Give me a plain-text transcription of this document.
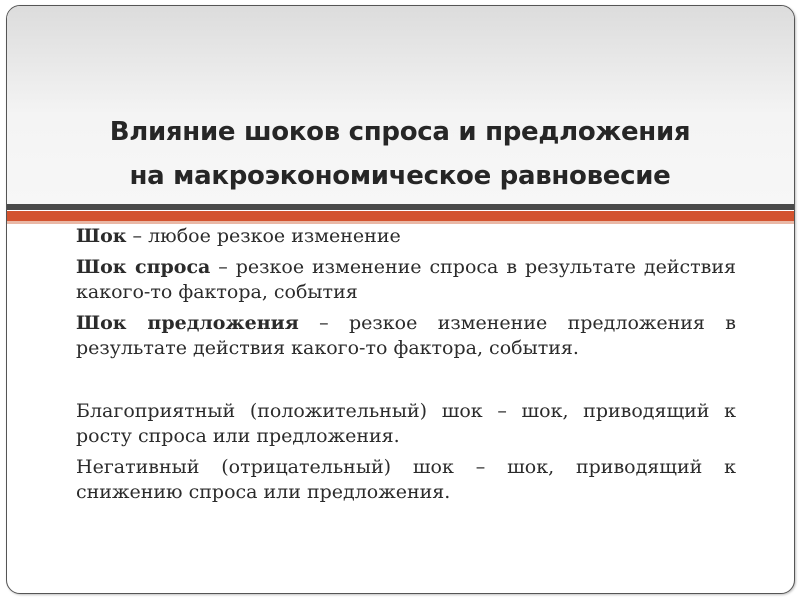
Влияние шоков спроса и предложения
на макроэкономическое равновесие

Шок – любое резкое изменение

Шок спроса – резкое изменение спроса в результате действия какого-то фактора, события

Шок предложения – резкое изменение предложения в результате действия какого-то фактора, события.

Благоприятный (положительный) шок – шок, приводящий к росту спроса или предложения.

Негативный (отрицательный) шок – шок, приводящий к снижению спроса или предложения.
